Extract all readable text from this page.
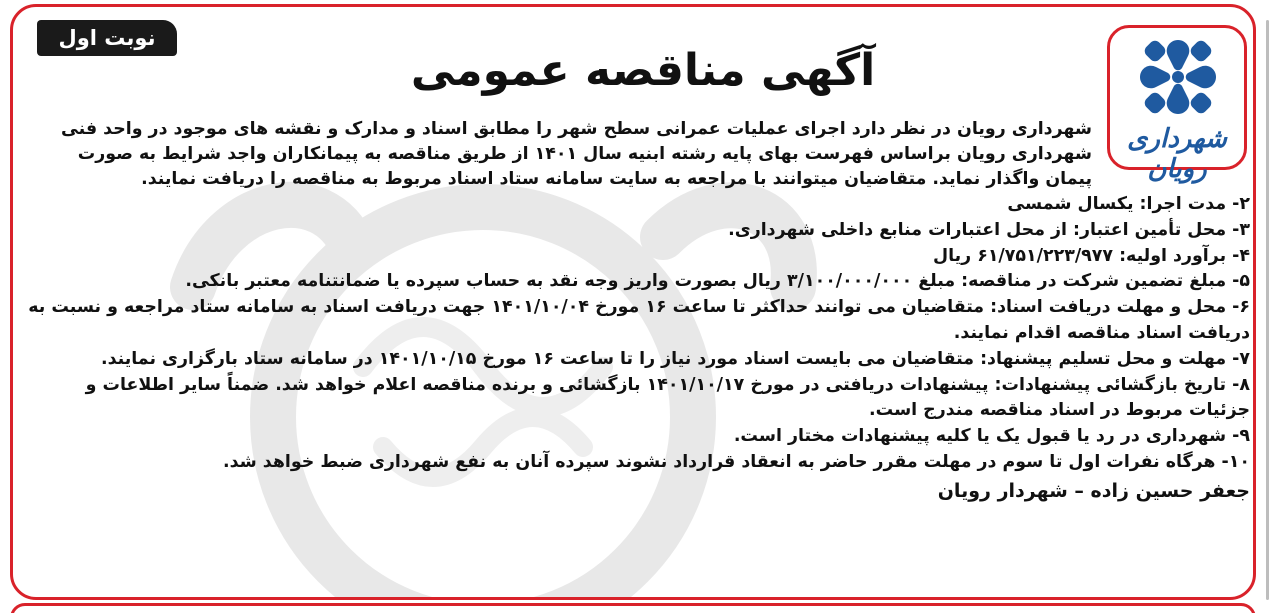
نوبت اول
آگهی مناقصه عمومی
شهرداری رویان

شهرداری رویان در نظر دارد اجرای عملیات عمرانی سطح شهر را مطابق اسناد و مدارک و نقشه های موجود در واحد فنی شهرداری رویان براساس فهرست بهای پایه رشته ابنیه سال ۱۴۰۱ از طریق مناقصه به پیمانکاران واجد شرایط به صورت پیمان واگذار نماید. متقاضیان میتوانند با مراجعه به سایت سامانه ستاد اسناد مربوط به مناقصه را دریافت نمایند.

۲- مدت اجرا: یکسال شمسی

۳- محل تأمین اعتبار: از محل اعتبارات منابع داخلی شهرداری.

۴- برآورد اولیه: ۶۱/۷۵۱/۲۲۳/۹۷۷ ریال

۵- مبلغ تضمین شرکت در مناقصه: مبلغ ۳/۱۰۰/۰۰۰/۰۰۰ ریال بصورت واریز وجه نقد به حساب سپرده یا ضمانتنامه معتبر بانکی.

۶- محل و مهلت دریافت اسناد: متقاضیان می توانند حداکثر تا ساعت ۱۶ مورخ ۱۴۰۱/۱۰/۰۴ جهت دریافت اسناد به سامانه ستاد مراجعه و نسبت به دریافت اسناد مناقصه اقدام نمایند.

۷- مهلت و محل تسلیم پیشنهاد: متقاضیان می بایست اسناد مورد نیاز را تا ساعت ۱۶ مورخ ۱۴۰۱/۱۰/۱۵ در سامانه ستاد بارگزاری نمایند.

۸- تاریخ بازگشائی پیشنهادات: پیشنهادات دریافتی در مورخ ۱۴۰۱/۱۰/۱۷ بازگشائی و برنده مناقصه اعلام خواهد شد. ضمناً سایر اطلاعات و جزئیات مربوط در اسناد مناقصه مندرج است.

۹- شهرداری در رد یا قبول یک یا کلیه پیشنهادات مختار است.

۱۰- هرگاه نفرات اول تا سوم در مهلت مقرر حاضر به انعقاد قرارداد نشوند سپرده آنان به نفع شهرداری ضبط خواهد شد.

جعفر حسین زاده – شهردار رویان
